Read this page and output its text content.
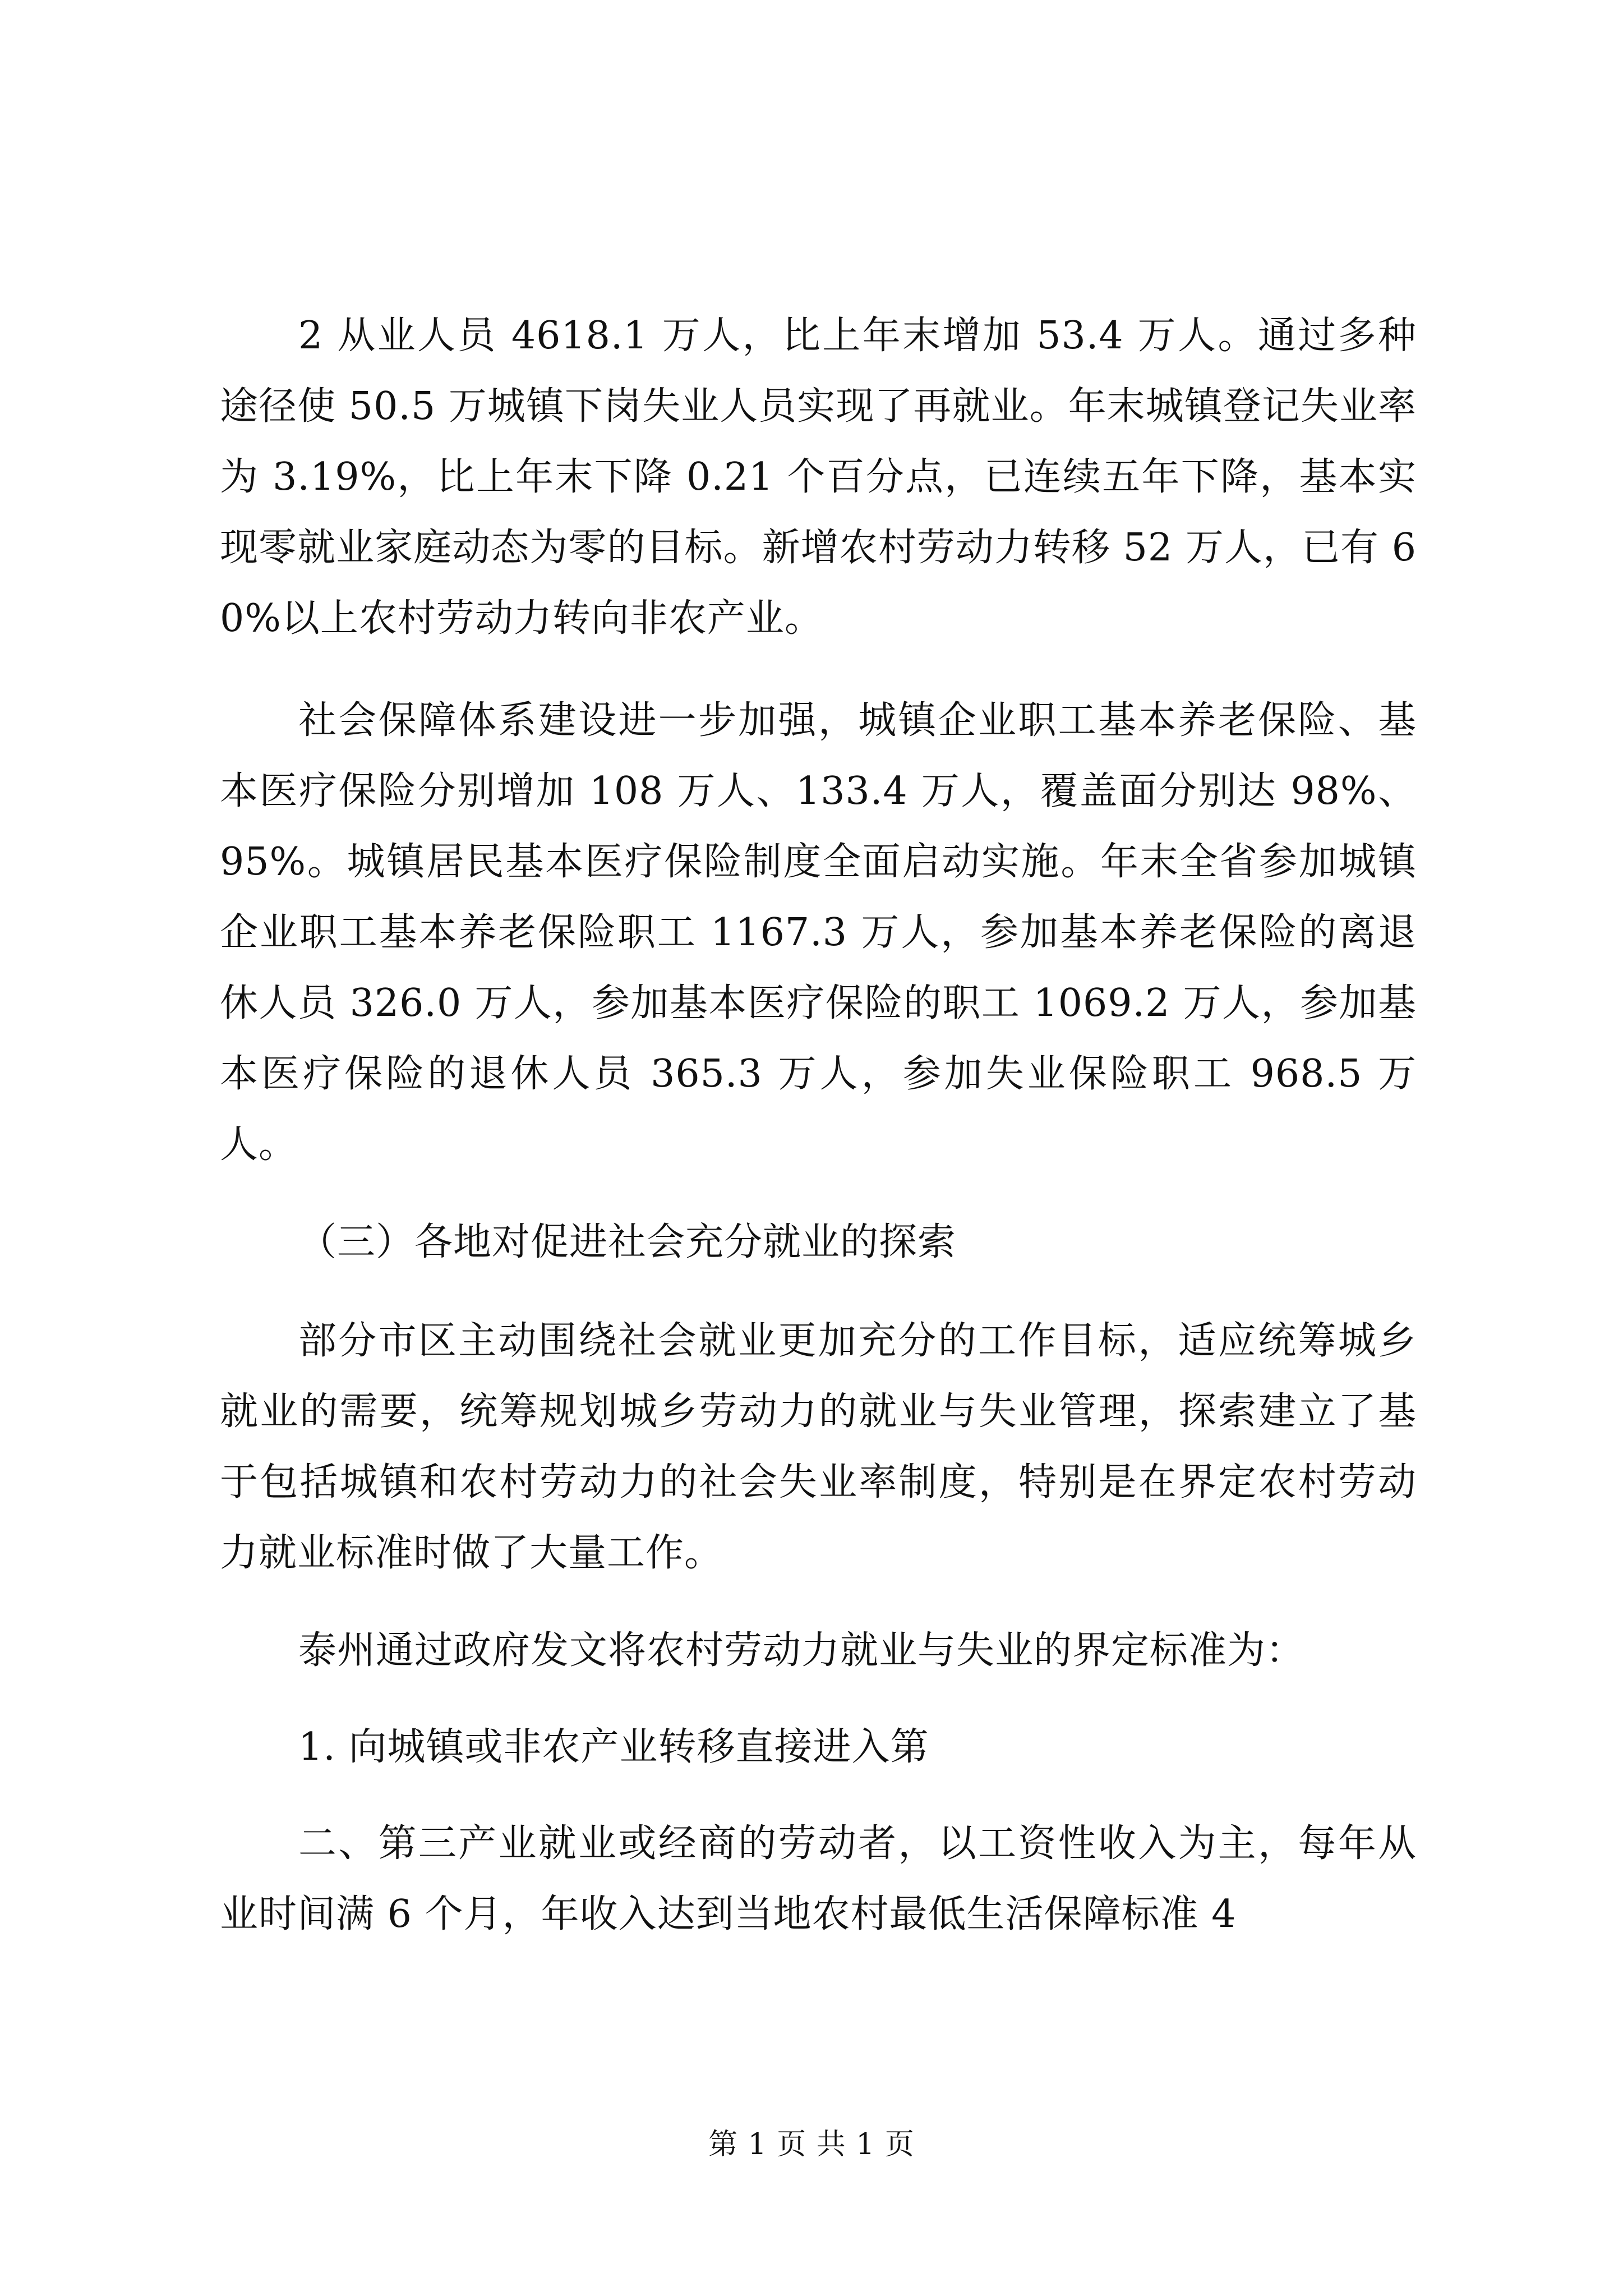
2 从业人员 4618.1 万人，比上年末增加 53.4 万人。通过多种途径使 50.5 万城镇下岗失业人员实现了再就业。年末城镇登记失业率为 3.19%，比上年末下降 0.21 个百分点，已连续五年下降，基本实现零就业家庭动态为零的目标。新增农村劳动力转移 52 万人，已有 60%以上农村劳动力转向非农产业。

社会保障体系建设进一步加强，城镇企业职工基本养老保险、基本医疗保险分别增加 108 万人、133.4 万人，覆盖面分别达 98%、95%。城镇居民基本医疗保险制度全面启动实施。年末全省参加城镇企业职工基本养老保险职工 1167.3 万人，参加基本养老保险的离退休人员 326.0 万人，参加基本医疗保险的职工 1069.2 万人，参加基本医疗保险的退休人员 365.3 万人，参加失业保险职工 968.5 万人。

（三）各地对促进社会充分就业的探索

部分市区主动围绕社会就业更加充分的工作目标，适应统筹城乡就业的需要，统筹规划城乡劳动力的就业与失业管理，探索建立了基于包括城镇和农村劳动力的社会失业率制度，特别是在界定农村劳动力就业标准时做了大量工作。

泰州通过政府发文将农村劳动力就业与失业的界定标准为：

1. 向城镇或非农产业转移直接进入第

二、第三产业就业或经商的劳动者，以工资性收入为主，每年从业时间满 6 个月，年收入达到当地农村最低生活保障标准 4

第 1 页 共 1 页
